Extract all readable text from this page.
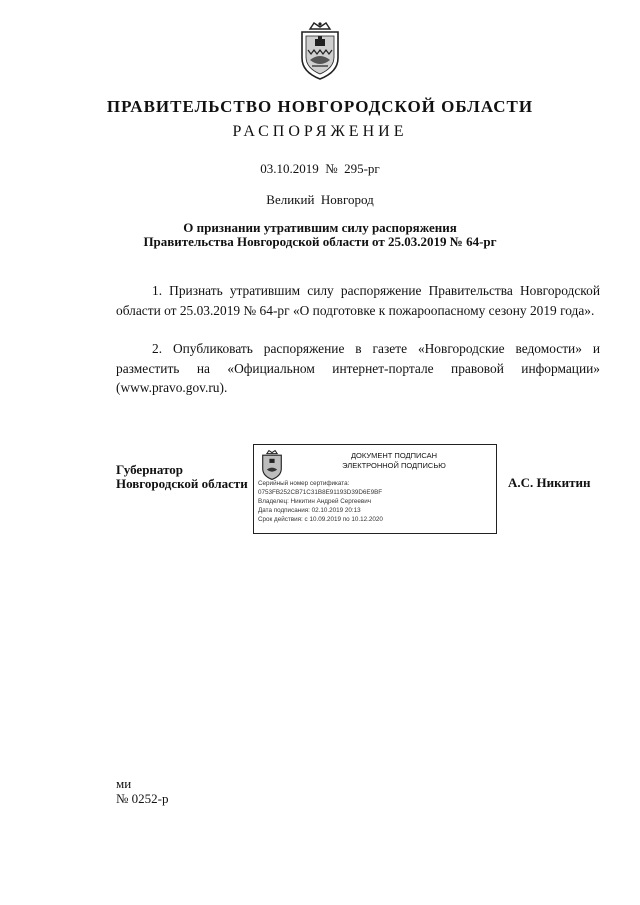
ПРАВИТЕЛЬСТВО НОВГОРОДСКОЙ ОБЛАСТИ
РАСПОРЯЖЕНИЕ
03.10.2019  №  295-рг
Великий  Новгород
О признании утратившим силу распоряжения
Правительства Новгородской области от 25.03.2019 № 64-рг
1. Признать утратившим силу распоряжение Правительства Новгородской области от 25.03.2019 № 64-рг «О подготовке к пожароопасному сезону 2019 года».
2. Опубликовать распоряжение в газете «Новгородские ведомости» и разместить на «Официальном интернет-портале правовой информации» (www.pravo.gov.ru).
Губернатор
Новгородской области
ДОКУМЕНТ ПОДПИСАН
ЭЛЕКТРОННОЙ ПОДПИСЬЮ
Серийный номер сертификата:
0753FB252CB71C31B8E91193D39D6E9BF
Владелец: Никитин Андрей Сергеевич
Дата подписания: 02.10.2019 20:13
Срок действия: с 10.09.2019 по 10.12.2020
А.С. Никитин
ми
№ 0252-р
